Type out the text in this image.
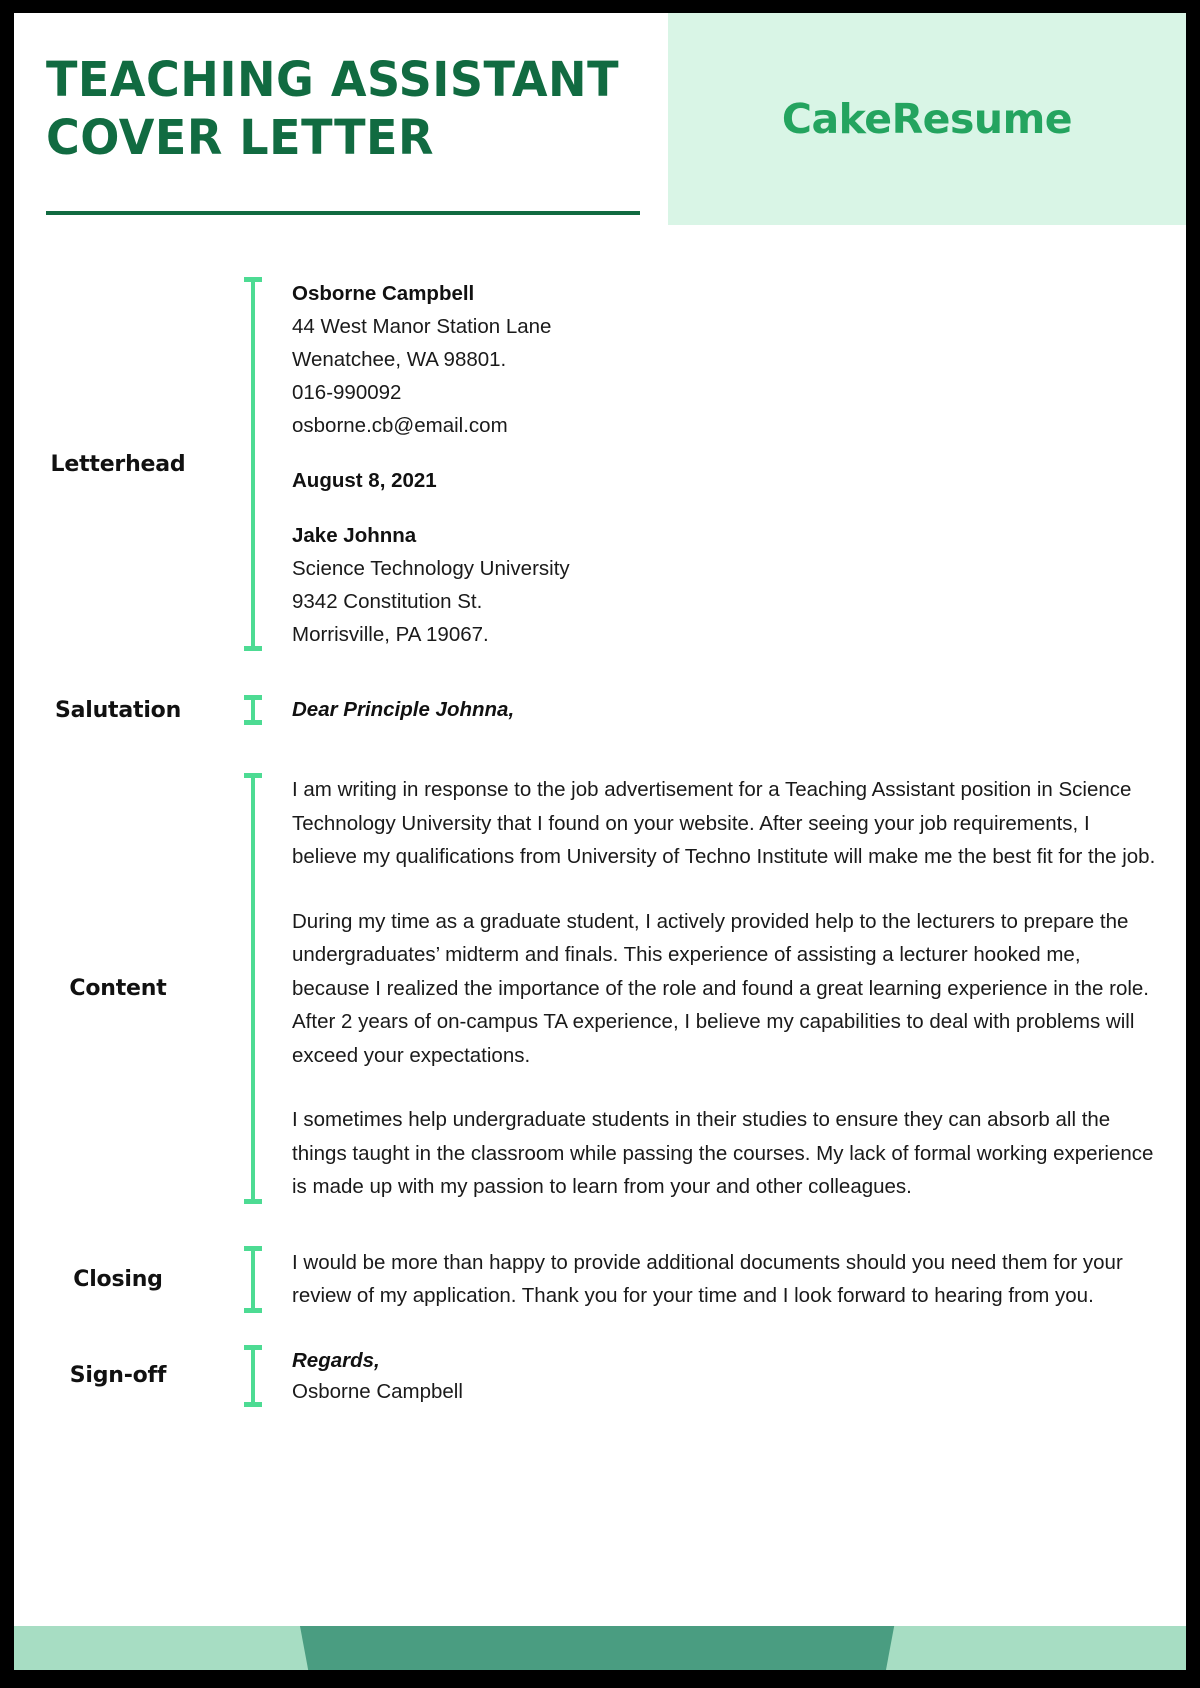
TEACHING ASSISTANT
COVER LETTER	CakeResume
Letterhead
Osborne Campbell
44 West Manor Station Lane
Wenatchee, WA 98801.
016-990092
osborne.cb@email.com
August 8, 2021
Jake Johnna
Science Technology University
9342 Constitution St.
Morrisville, PA 19067.
Salutation	Dear Principle Johnna,
Content

I am writing in response to the job advertisement for a Teaching Assistant position in Science Technology University that I found on your website. After seeing your job requirements, I believe my qualifications from University of Techno Institute will make me the best fit for the job.

During my time as a graduate student, I actively provided help to the lecturers to prepare the undergraduates’ midterm and finals. This experience of assisting a lecturer hooked me, because I realized the importance of the role and found a great learning experience in the role. After 2 years of on-campus TA experience, I believe my capabilities to deal with problems will exceed your expectations.

I sometimes help undergraduate students in their studies to ensure they can absorb all the things taught in the classroom while passing the courses. My lack of formal working experience is made up with my passion to learn from your and other colleagues.

Closing

I would be more than happy to provide additional documents should you need them for your review of my application. Thank you for your time and I look forward to hearing from you.

Sign-off
Regards,
Osborne Campbell
